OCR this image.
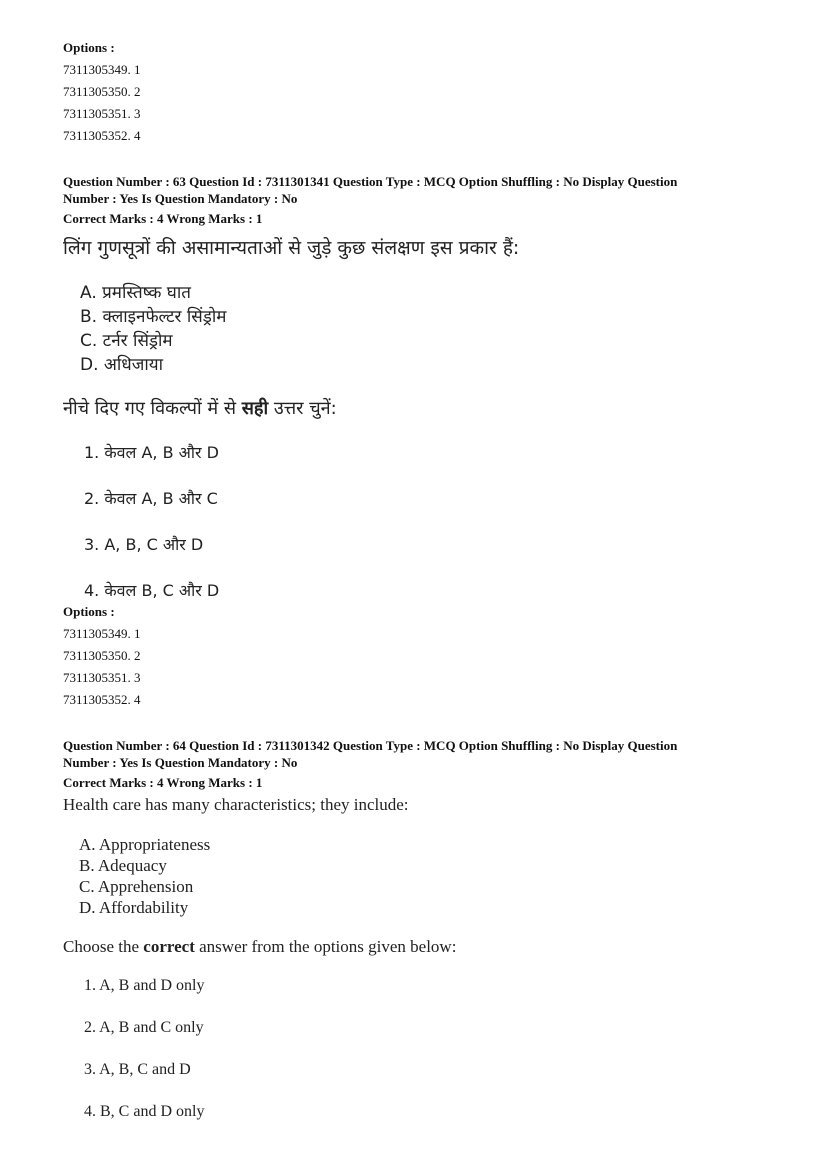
Options :
7311305349. 1
7311305350. 2
7311305351. 3
7311305352. 4
Question Number : 63 Question Id : 7311301341 Question Type : MCQ Option Shuffling : No Display Question
Number : Yes Is Question Mandatory : No
Correct Marks : 4 Wrong Marks : 1
लिंग गुणसूत्रों की असामान्यताओं से जुड़े कुछ संलक्षण इस प्रकार हैं:
A. प्रमस्तिष्क घात
B. क्लाइनफेल्टर सिंड्रोम
C. टर्नर सिंड्रोम
D. अधिजाया
नीचे दिए गए विकल्पों में से सही उत्तर चुनें:
1. केवल A, B और D
2. केवल A, B और C
3. A, B, C और D
4. केवल B, C और D
Options :
7311305349. 1
7311305350. 2
7311305351. 3
7311305352. 4
Question Number : 64 Question Id : 7311301342 Question Type : MCQ Option Shuffling : No Display Question
Number : Yes Is Question Mandatory : No
Correct Marks : 4 Wrong Marks : 1
Health care has many characteristics; they include:
A. Appropriateness
B. Adequacy
C. Apprehension
D. Affordability
Choose the correct answer from the options given below:
1. A, B and D only
2. A, B and C only
3. A, B, C and D
4. B, C and D only
